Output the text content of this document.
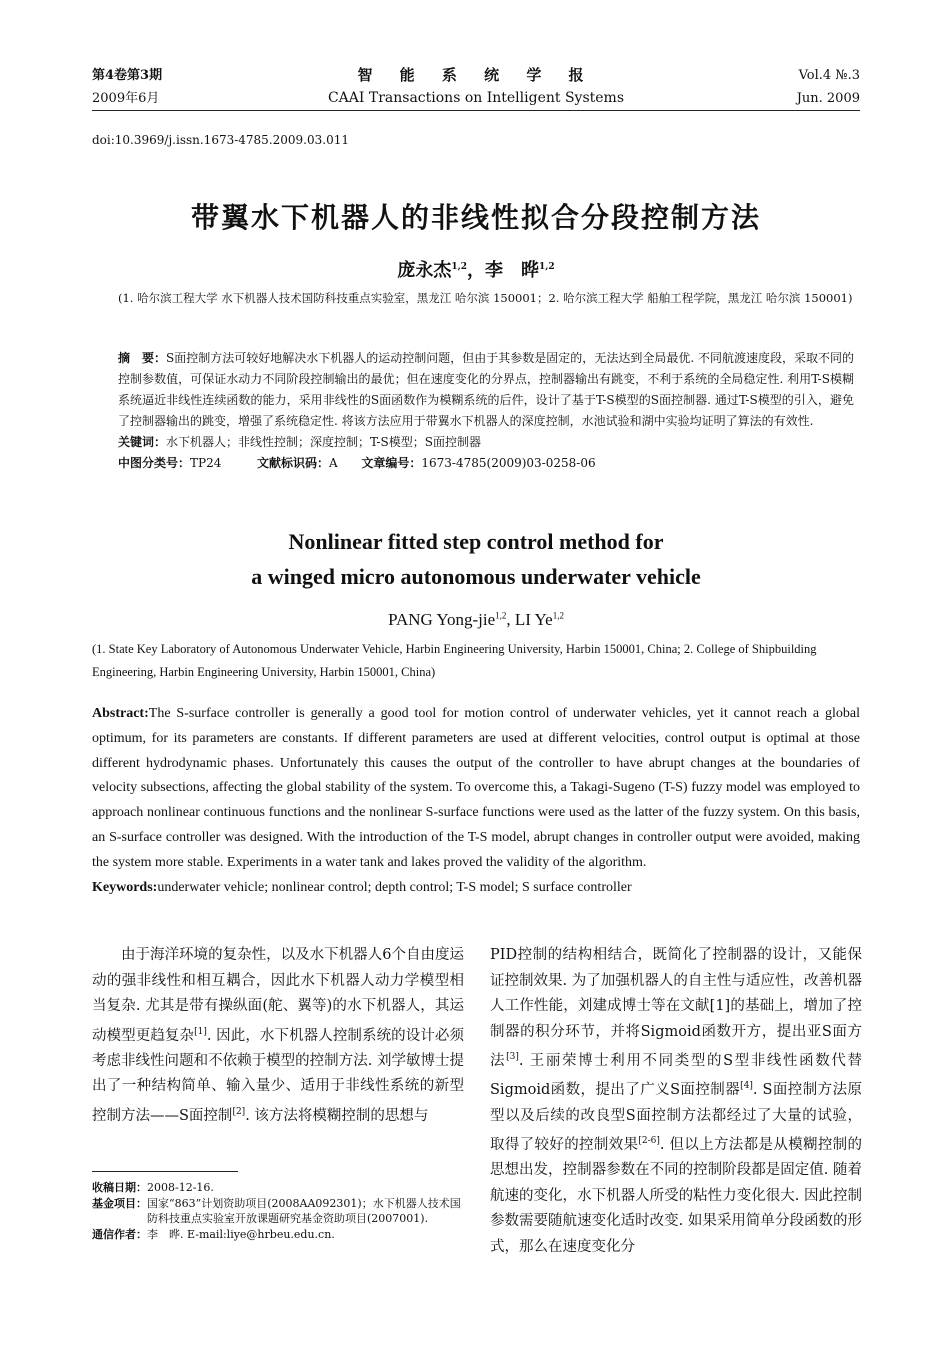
第4卷第3期
2009年6月
智 能 系 统 学 报
CAAI Transactions on Intelligent Systems
Vol.4 №.3
Jun. 2009
doi:10.3969/j.issn.1673-4785.2009.03.011
带翼水下机器人的非线性拟合分段控制方法
庞永杰$^{1,2}$，李　晔$^{1,2}$
(1. 哈尔滨工程大学 水下机器人技术国防科技重点实验室，黑龙江 哈尔滨 150001；2. 哈尔滨工程大学 船舶工程学院，黑龙江 哈尔滨 150001)
摘　要：S面控制方法可较好地解决水下机器人的运动控制问题，但由于其参数是固定的，无法达到全局最优. 不同航渡速度段，采取不同的控制参数值，可保证水动力不同阶段控制输出的最优；但在速度变化的分界点，控制器输出有跳变，不利于系统的全局稳定性. 利用T-S模糊系统逼近非线性连续函数的能力，采用非线性的S面函数作为模糊系统的后件，设计了基于T-S模型的S面控制器. 通过T-S模型的引入，避免了控制器输出的跳变，增强了系统稳定性. 将该方法应用于带翼水下机器人的深度控制，水池试验和湖中实验均证明了算法的有效性.
关键词：水下机器人；非线性控制；深度控制；T-S模型；S面控制器
中图分类号：TP24	文献标识码：A 文章编号：1673-4785(2009)03-0258-06
Nonlinear fitted step control method for
a winged micro autonomous underwater vehicle
PANG Yong-jie$^{1,2}$, LI Ye$^{1,2}$
(1. State Key Laboratory of Autonomous Underwater Vehicle, Harbin Engineering University, Harbin 150001, China; 2. College of Shipbuilding Engineering, Harbin Engineering University, Harbin 150001, China)
Abstract:The S-surface controller is generally a good tool for motion control of underwater vehicles, yet it cannot reach a global optimum, for its parameters are constants. If different parameters are used at different velocities, control output is optimal at those different hydrodynamic phases. Unfortunately this causes the output of the controller to have abrupt changes at the boundaries of velocity subsections, affecting the global stability of the system. To overcome this, a Takagi-Sugeno (T-S) fuzzy model was employed to approach nonlinear continuous functions and the nonlinear S-surface functions were used as the latter of the fuzzy system. On this basis, an S-surface controller was designed. With the introduction of the T-S model, abrupt changes in controller output were avoided, making the system more stable. Experiments in a water tank and lakes proved the validity of the algorithm.
Keywords:underwater vehicle; nonlinear control; depth control; T-S model; S surface controller
由于海洋环境的复杂性，以及水下机器人6个自由度运动的强非线性和相互耦合，因此水下机器人动力学模型相当复杂. 尤其是带有操纵面(舵、翼等)的水下机器人，其运动模型更趋复杂[1]. 因此，水下机器人控制系统的设计必须考虑非线性问题和不依赖于模型的控制方法. 刘学敏博士提出了一种结构简单、输入量少、适用于非线性系统的新型控制方法——S面控制[2]. 该方法将模糊控制的思想与
PID控制的结构相结合，既简化了控制器的设计，又能保证控制效果. 为了加强机器人的自主性与适应性，改善机器人工作性能，刘建成博士等在文献[1]的基础上，增加了控制器的积分环节，并将Sigmoid函数开方，提出亚S面方法[3]. 王丽荣博士利用不同类型的S型非线性函数代替Sigmoid函数，提出了广义S面控制器[4]. S面控制方法原型以及后续的改良型S面控制方法都经过了大量的试验，取得了较好的控制效果[2-6]. 但以上方法都是从模糊控制的思想出发，控制器参数在不同的控制阶段都是固定值. 随着航速的变化，水下机器人所受的粘性力变化很大. 因此控制参数需要随航速变化适时改变. 如果采用简单分段函数的形式，那么在速度变化分
收稿日期： 2008-12-16.
基金项目： 国家“863”计划资助项目(2008AA092301)；水下机器人技术国防科技重点实验室开放课题研究基金资助项目(2007001).
通信作者： 李　晔. E-mail:liye@hrbeu.edu.cn.
